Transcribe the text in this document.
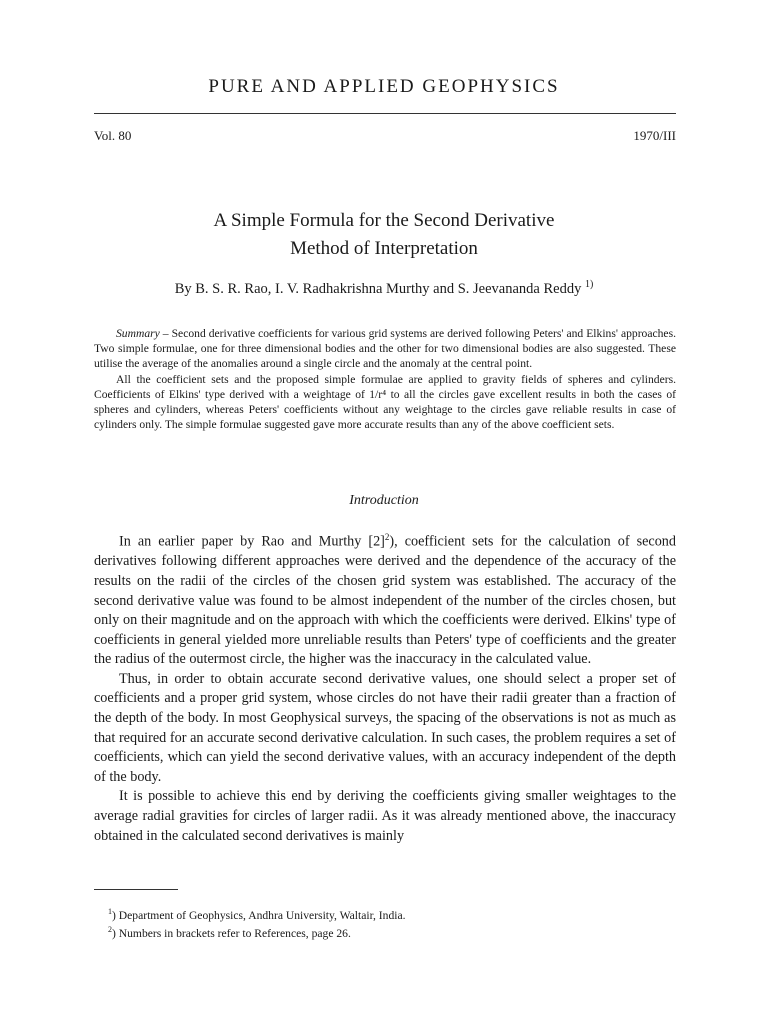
PURE AND APPLIED GEOPHYSICS
Vol. 80	1970/III
A Simple Formula for the Second Derivative
Method of Interpretation
By B. S. R. Rao, I. V. Radhakrishna Murthy and S. Jeevananda Reddy $^{1)}$

Summary – Second derivative coefficients for various grid systems are derived following Peters' and Elkins' approaches. Two simple formulae, one for three dimensional bodies and the other for two dimensional bodies are also suggested. These utilise the average of the anomalies around a single circle and the anomaly at the central point.

All the coefficient sets and the proposed simple formulae are applied to gravity fields of spheres and cylinders. Coefficients of Elkins' type derived with a weightage of 1/r⁴ to all the circles gave excellent results in both the cases of spheres and cylinders, whereas Peters' coefficients without any weightage to the circles gave reliable results in case of cylinders only. The simple formulae suggested gave more accurate results than any of the above coefficient sets.

Introduction

In an earlier paper by Rao and Murthy $[2]^2$), coefficient sets for the calculation of second derivatives following different approaches were derived and the dependence of the accuracy of the results on the radii of the circles of the chosen grid system was established. The accuracy of the second derivative value was found to be almost independent of the number of the circles chosen, but only on their magnitude and on the approach with which the coefficients were derived. Elkins' type of coefficients in general yielded more unreliable results than Peters' type of coefficients and the greater the radius of the outermost circle, the higher was the inaccuracy in the calculated value.

Thus, in order to obtain accurate second derivative values, one should select a proper set of coefficients and a proper grid system, whose circles do not have their radii greater than a fraction of the depth of the body. In most Geophysical surveys, the spacing of the observations is not as much as that required for an accurate second derivative calculation. In such cases, the problem requires a set of coefficients, which can yield the second derivative values, with an accuracy independent of the depth of the body.

It is possible to achieve this end by deriving the coefficients giving smaller weightages to the average radial gravities for circles of larger radii. As it was already mentioned above, the inaccuracy obtained in the calculated second derivatives is mainly

$^1$) Department of Geophysics, Andhra University, Waltair, India.
$^2$) Numbers in brackets refer to References, page 26.
